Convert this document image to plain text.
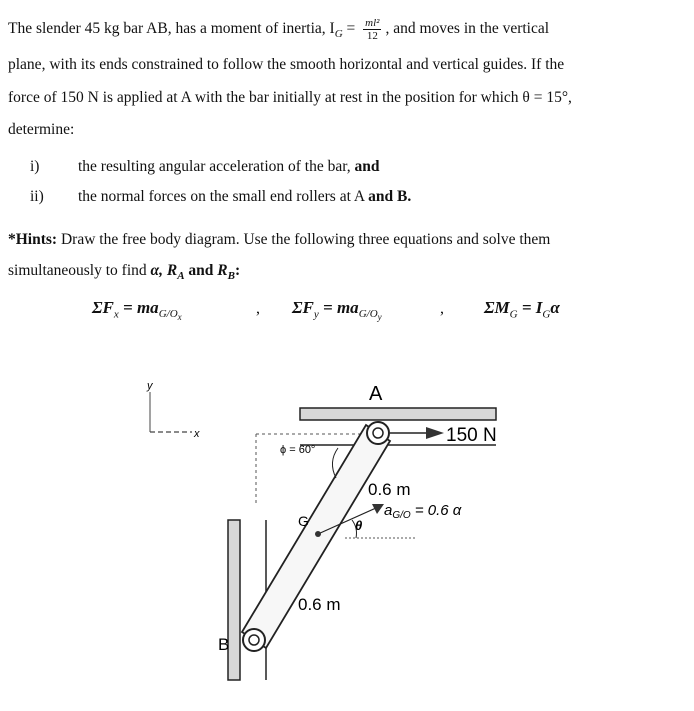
The slender 45 kg bar AB, has a moment of inertia, $I_G = \frac{\text{ml²}}{12}$ , and moves in the vertical
plane, with its ends constrained to follow the smooth horizontal and vertical guides. If the
force of 150 N is applied at A with the bar initially at rest in the position for which θ = 15°,
determine:
i) the resulting angular acceleration of the bar, and
ii) the normal forces on the small end rollers at A and B.
*Hints: Draw the free body diagram. Use the following three equations and solve them
simultaneously to find α, $R_A$ and $R_B$:
$\Sigma F_x = ma_{G/O_x}$
, $\Sigma F_y = ma_{G/O_y}$
, $\Sigma M_G = I_G\alpha$
y
x
A
B
G
150 N
ϕ = 60°
θ
0.6 m
0.6 m
$a_{G/O} = 0.6$ α
